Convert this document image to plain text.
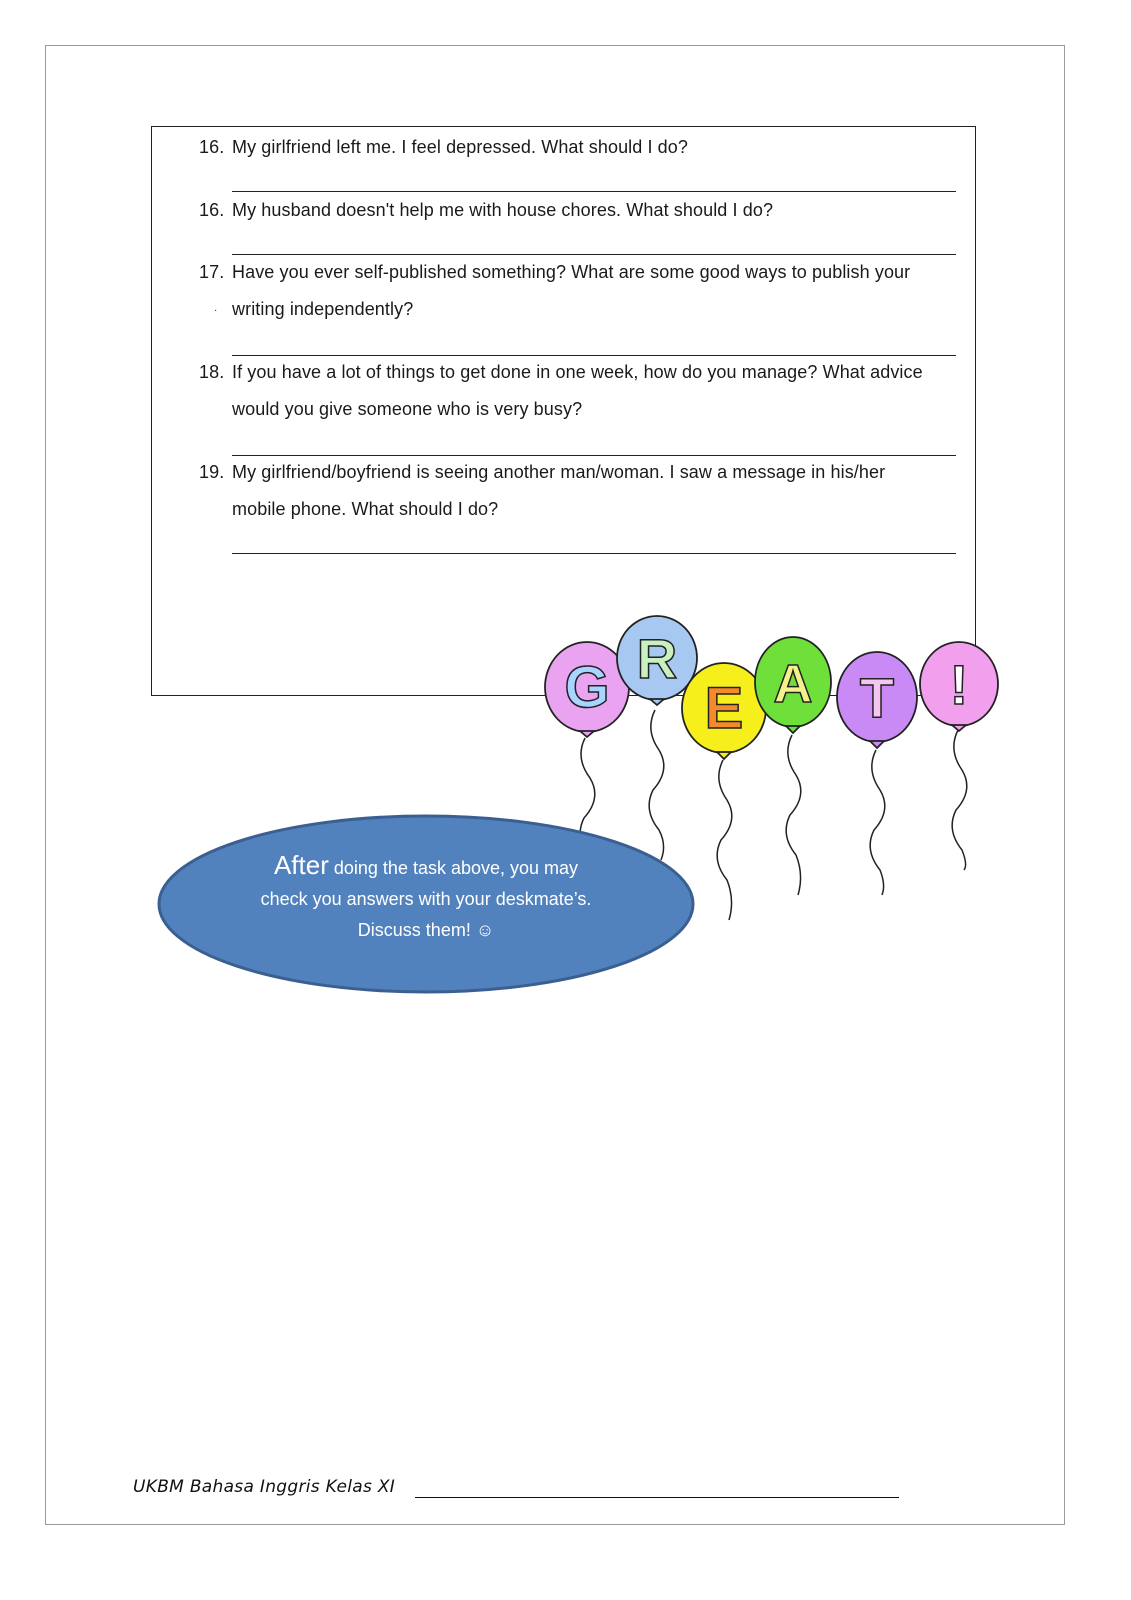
16. My girlfriend left me. I feel depressed. What should I do?
16. My husband doesn't help me with house chores. What should I do?
17. Have you ever self-published something? What are some good ways to publish your
writing independently?
·
18. If you have a lot of things to get done in one week, how do you manage? What advice
would you give someone who is very busy?
19. My girlfriend/boyfriend is seeing another man/woman. I saw a message in his/her
mobile phone. What should I do?
G R
E A T !
After doing the task above, you may
check you answers with your deskmate’s.
Discuss them! ☺
UKBM Bahasa Inggris Kelas XI
